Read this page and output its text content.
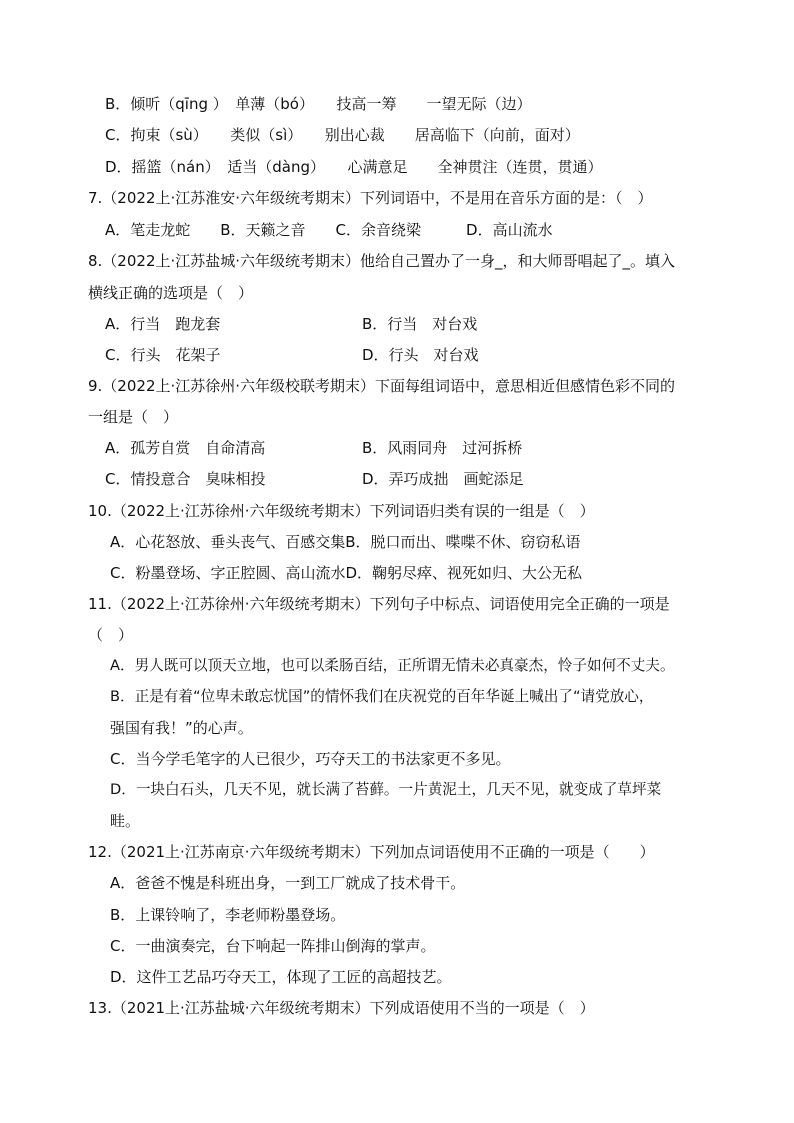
B．倾听（qīng ）　单薄（bó）　　技高一筹　　一望无际（边）
C．拘束（sù）　　类似（sì）　　别出心裁　　居高临下（向前，面对）
D．摇篮（nán）　适当（dàng）　　心满意足　　全神贯注（连贯，贯通）
7.（2022上·江苏淮安·六年级统考期末）下列词语中，不是用在音乐方面的是：（　）
A．笔走龙蛇　　B．天籁之音　　C．余音绕梁　　　D．高山流水
8.（2022上·江苏盐城·六年级统考期末）他给自己置办了一身_，和大师哥唱起了_。填入
横线正确的选项是（　）
A．行当　跑龙套	B．行当　对台戏
C．行头　花架子	D．行头　对台戏
9.（2022上·江苏徐州·六年级校联考期末）下面每组词语中，意思相近但感情色彩不同的
一组是（　）
A．孤芳自赏　自命清高	B．风雨同舟　过河拆桥
C．情投意合　臭味相投	D．弄巧成拙　画蛇添足
10.（2022上·江苏徐州·六年级统考期末）下列词语归类有误的一组是（　）
A．心花怒放、垂头丧气、百感交集B．脱口而出、喋喋不休、窃窃私语
C．粉墨登场、字正腔圆、高山流水D．鞠躬尽瘁、视死如归、大公无私
11.（2022上·江苏徐州·六年级统考期末）下列句子中标点、词语使用完全正确的一项是
（　）
A．男人既可以顶天立地，也可以柔肠百结，正所谓无情未必真豪杰，怜子如何不丈夫。
B．正是有着“位卑未敢忘忧国”的情怀我们在庆祝党的百年华诞上喊出了“请党放心，
强国有我！”的心声。
C．当今学毛笔字的人已很少，巧夺天工的书法家更不多见。
D．一块白石头，几天不见，就长满了苔藓。一片黄泥土，几天不见，就变成了草坪菜
畦。
12.（2021上·江苏南京·六年级统考期末）下列加点词语使用不正确的一项是（　　）
A．爸爸不愧是科班出身，一到工厂就成了技术骨干。
B．上课铃响了，李老师粉墨登场。
C．一曲演奏完，台下响起一阵排山倒海的掌声。
D．这件工艺品巧夺天工，体现了工匠的高超技艺。
13.（2021上·江苏盐城·六年级统考期末）下列成语使用不当的一项是（　）
